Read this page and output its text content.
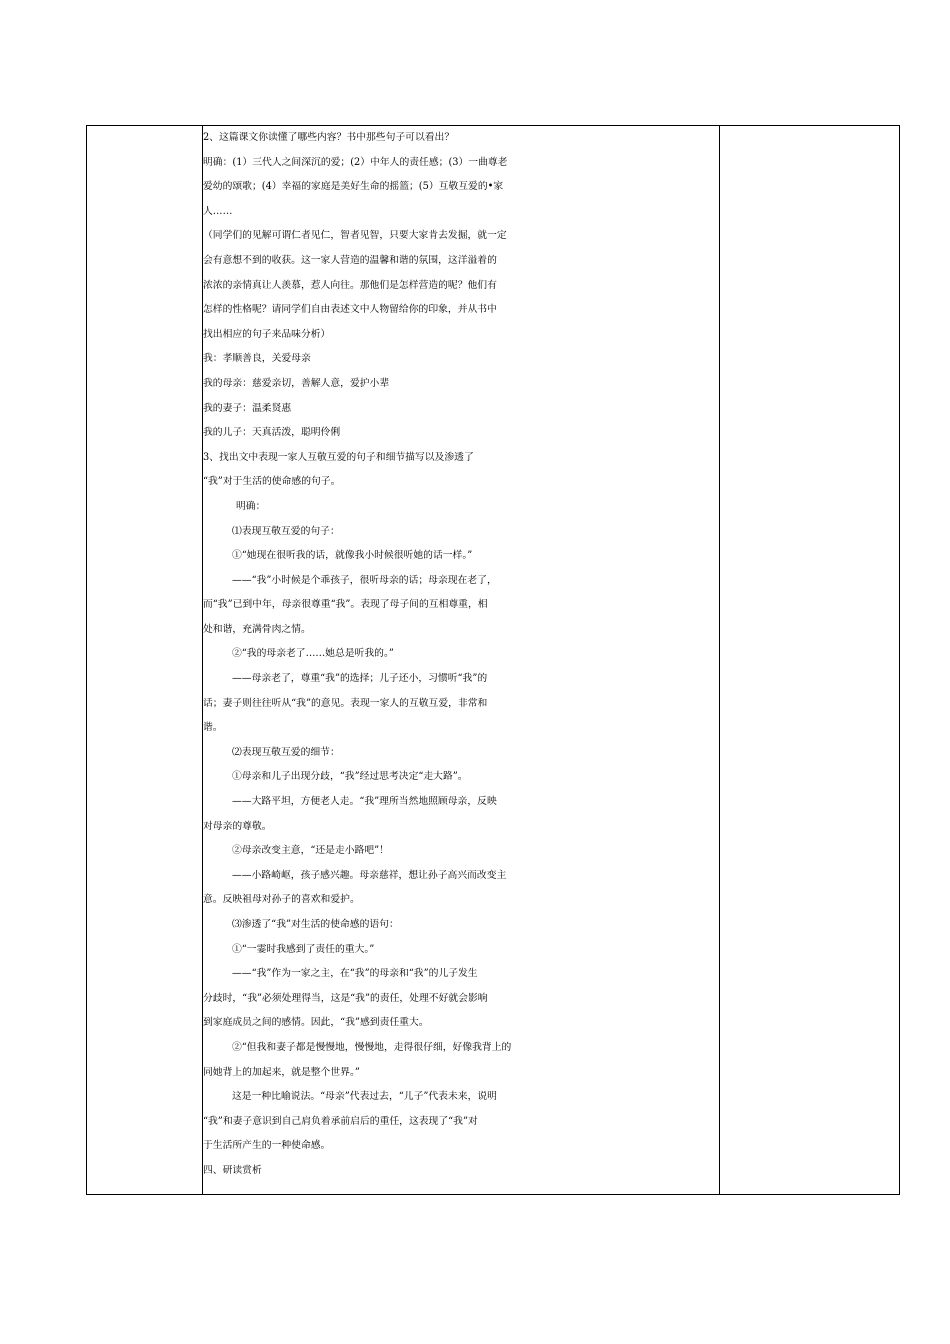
2、这篇课文你读懂了哪些内容？书中那些句子可以看出？

明确：(1）三代人之间深沉的爱；(2）中年人的责任感；(3）一曲尊老

爱幼的颂歌；(4）幸福的家庭是美好生命的摇篮；(5）互敬互爱的•家

人……

（同学们的见解可谓仁者见仁，智者见智，只要大家肯去发掘，就一定

会有意想不到的收获。这一家人营造的温馨和谐的氛围，这洋溢着的

浓浓的亲情真让人羡慕，惹人向往。那他们是怎样营造的呢？他们有

怎样的性格呢？请同学们自由表述文中人物留给你的印象，并从书中

找出相应的句子来品味分析）

我：孝顺善良，关爱母亲

我的母亲：慈爱亲切，善解人意，爱护小辈

我的妻子：温柔贤惠

我的儿子：天真活泼，聪明伶俐

3、找出文中表现一家人互敬互爱的句子和细节描写以及渗透了

“我”对于生活的使命感的句子。

明确：

⑴表现互敬互爱的句子：

①“她现在很听我的话，就像我小时候很听她的话一样。”

——“我”小时候是个乖孩子，很听母亲的话；母亲现在老了，

而“我”已到中年，母亲很尊重“我”。表现了母子间的互相尊重，相

处和谐，充满骨肉之情。

②“我的母亲老了……她总是听我的。”

——母亲老了，尊重“我”的选择；儿子还小，习惯听“我”的

话；妻子则往往听从“我”的意见。表现一家人的互敬互爱，非常和

谐。

⑵表现互敬互爱的细节：

①母亲和儿子出现分歧，“我”经过思考决定“走大路”。

——大路平坦，方便老人走。“我”理所当然地照顾母亲，反映

对母亲的尊敬。

②母亲改变主意，“还是走小路吧”！

——小路崎岖，孩子感兴趣。母亲慈祥，想让孙子高兴而改变主

意。反映祖母对孙子的喜欢和爱护。

⑶渗透了“我”对生活的使命感的语句：

①“一霎时我感到了责任的重大。”

——“我”作为一家之主，在“我”的母亲和“我”的儿子发生

分歧时，“我”必须处理得当，这是“我”的责任，处理不好就会影响

到家庭成员之间的感情。因此，“我”感到责任重大。

②“但我和妻子都是慢慢地，慢慢地，走得很仔细，好像我背上的

同她背上的加起来，就是整个世界。”

这是一种比喻说法。“母亲”代表过去，“儿子”代表未来，说明

“我”和妻子意识到自己肩负着承前启后的重任，这表现了“我”对

于生活所产生的一种使命感。

四、研读赏析
